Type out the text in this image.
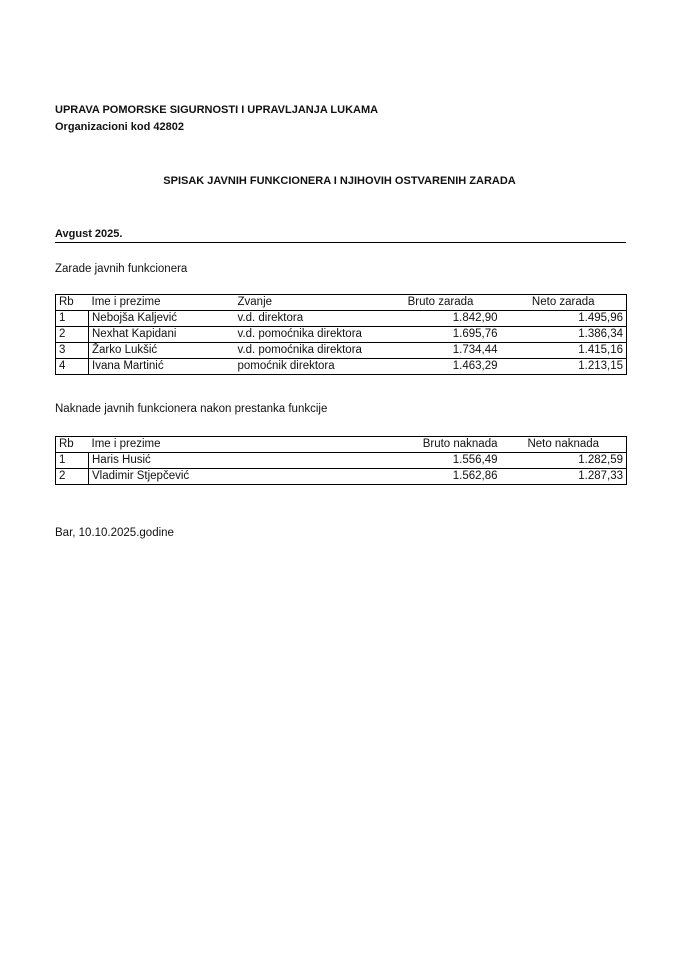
UPRAVA POMORSKE SIGURNOSTI I UPRAVLJANJA LUKAMA
Organizacioni kod 42802
SPISAK JAVNIH FUNKCIONERA I NJIHOVIH OSTVARENIH ZARADA
Avgust 2025.
Zarade javnih funkcionera
Rb	Ime i prezime	Zvanje	Bruto zarada	Neto zarada
1	Nebojša Kaljević	v.d. direktora	1.842,90	1.495,96
2	Nexhat Kapidani	v.d. pomoćnika direktora	1.695,76	1.386,34
3	Žarko Lukšić	v.d. pomoćnika direktora	1.734,44	1.415,16
4	Ivana Martinić	pomoćnik direktora	1.463,29	1.213,15
Naknade javnih funkcionera nakon prestanka funkcije
Rb	Ime i prezime		Bruto naknada	Neto naknada
1	Haris Husić		1.556,49	1.282,59
2	Vladimir Stjepčević		1.562,86	1.287,33
Bar, 10.10.2025.godine
